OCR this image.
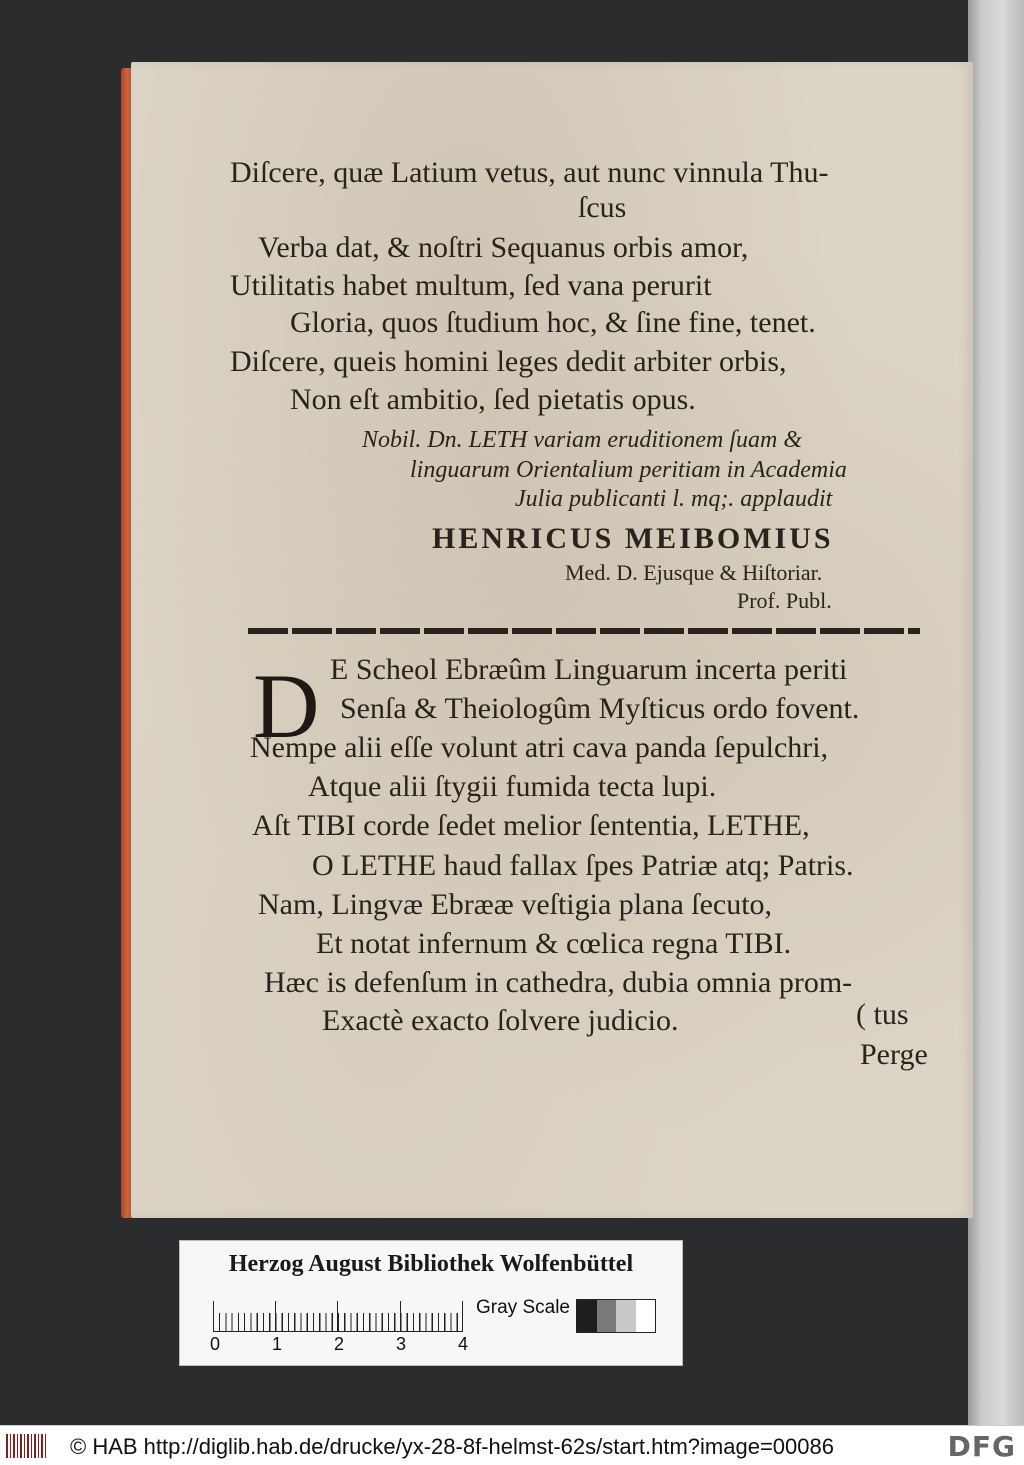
Diſcere, quæ Latium vetus, aut nunc vinnula Thu-
ſcus
Verba dat, & noſtri Sequanus orbis amor,
Utilitatis habet multum, ſed vana perurit
Gloria, quos ſtudium hoc, & ſine fine, tenet.
Diſcere, queis homini leges dedit arbiter orbis,
Non eſt ambitio, ſed pietatis opus.
Nobil. Dn. LETH variam eruditionem ſuam &
linguarum Orientalium peritiam in Academia
Julia publicanti l. mq;. applaudit
HENRICUS MEIBOMIUS
Med. D. Ejusque & Hiſtoriar.
Prof. Publ.
D E Scheol Ebræûm Linguarum incerta periti
Senſa & Theiologûm Myſticus ordo fovent.
Nempe alii eſſe volunt atri cava panda ſepulchri,
Atque alii ſtygii fumida tecta lupi.
Aſt TIBI corde ſedet melior ſententia, LETHE,
O LETHE haud fallax ſpes Patriæ atq; Patris.
Nam, Lingvæ Ebrææ veſtigia plana ſecuto,
Et notat infernum & cœlica regna TIBI.
Hæc is defenſum in cathedra, dubia omnia prom-
Exactè exacto ſolvere judicio.	( tus
Perge
Herzog August Bibliothek Wolfenbüttel
0	1	2	3	4
Gray Scale
© HAB http://diglib.hab.de/drucke/yx-28-8f-helmst-62s/start.htm?image=00086	DFG
